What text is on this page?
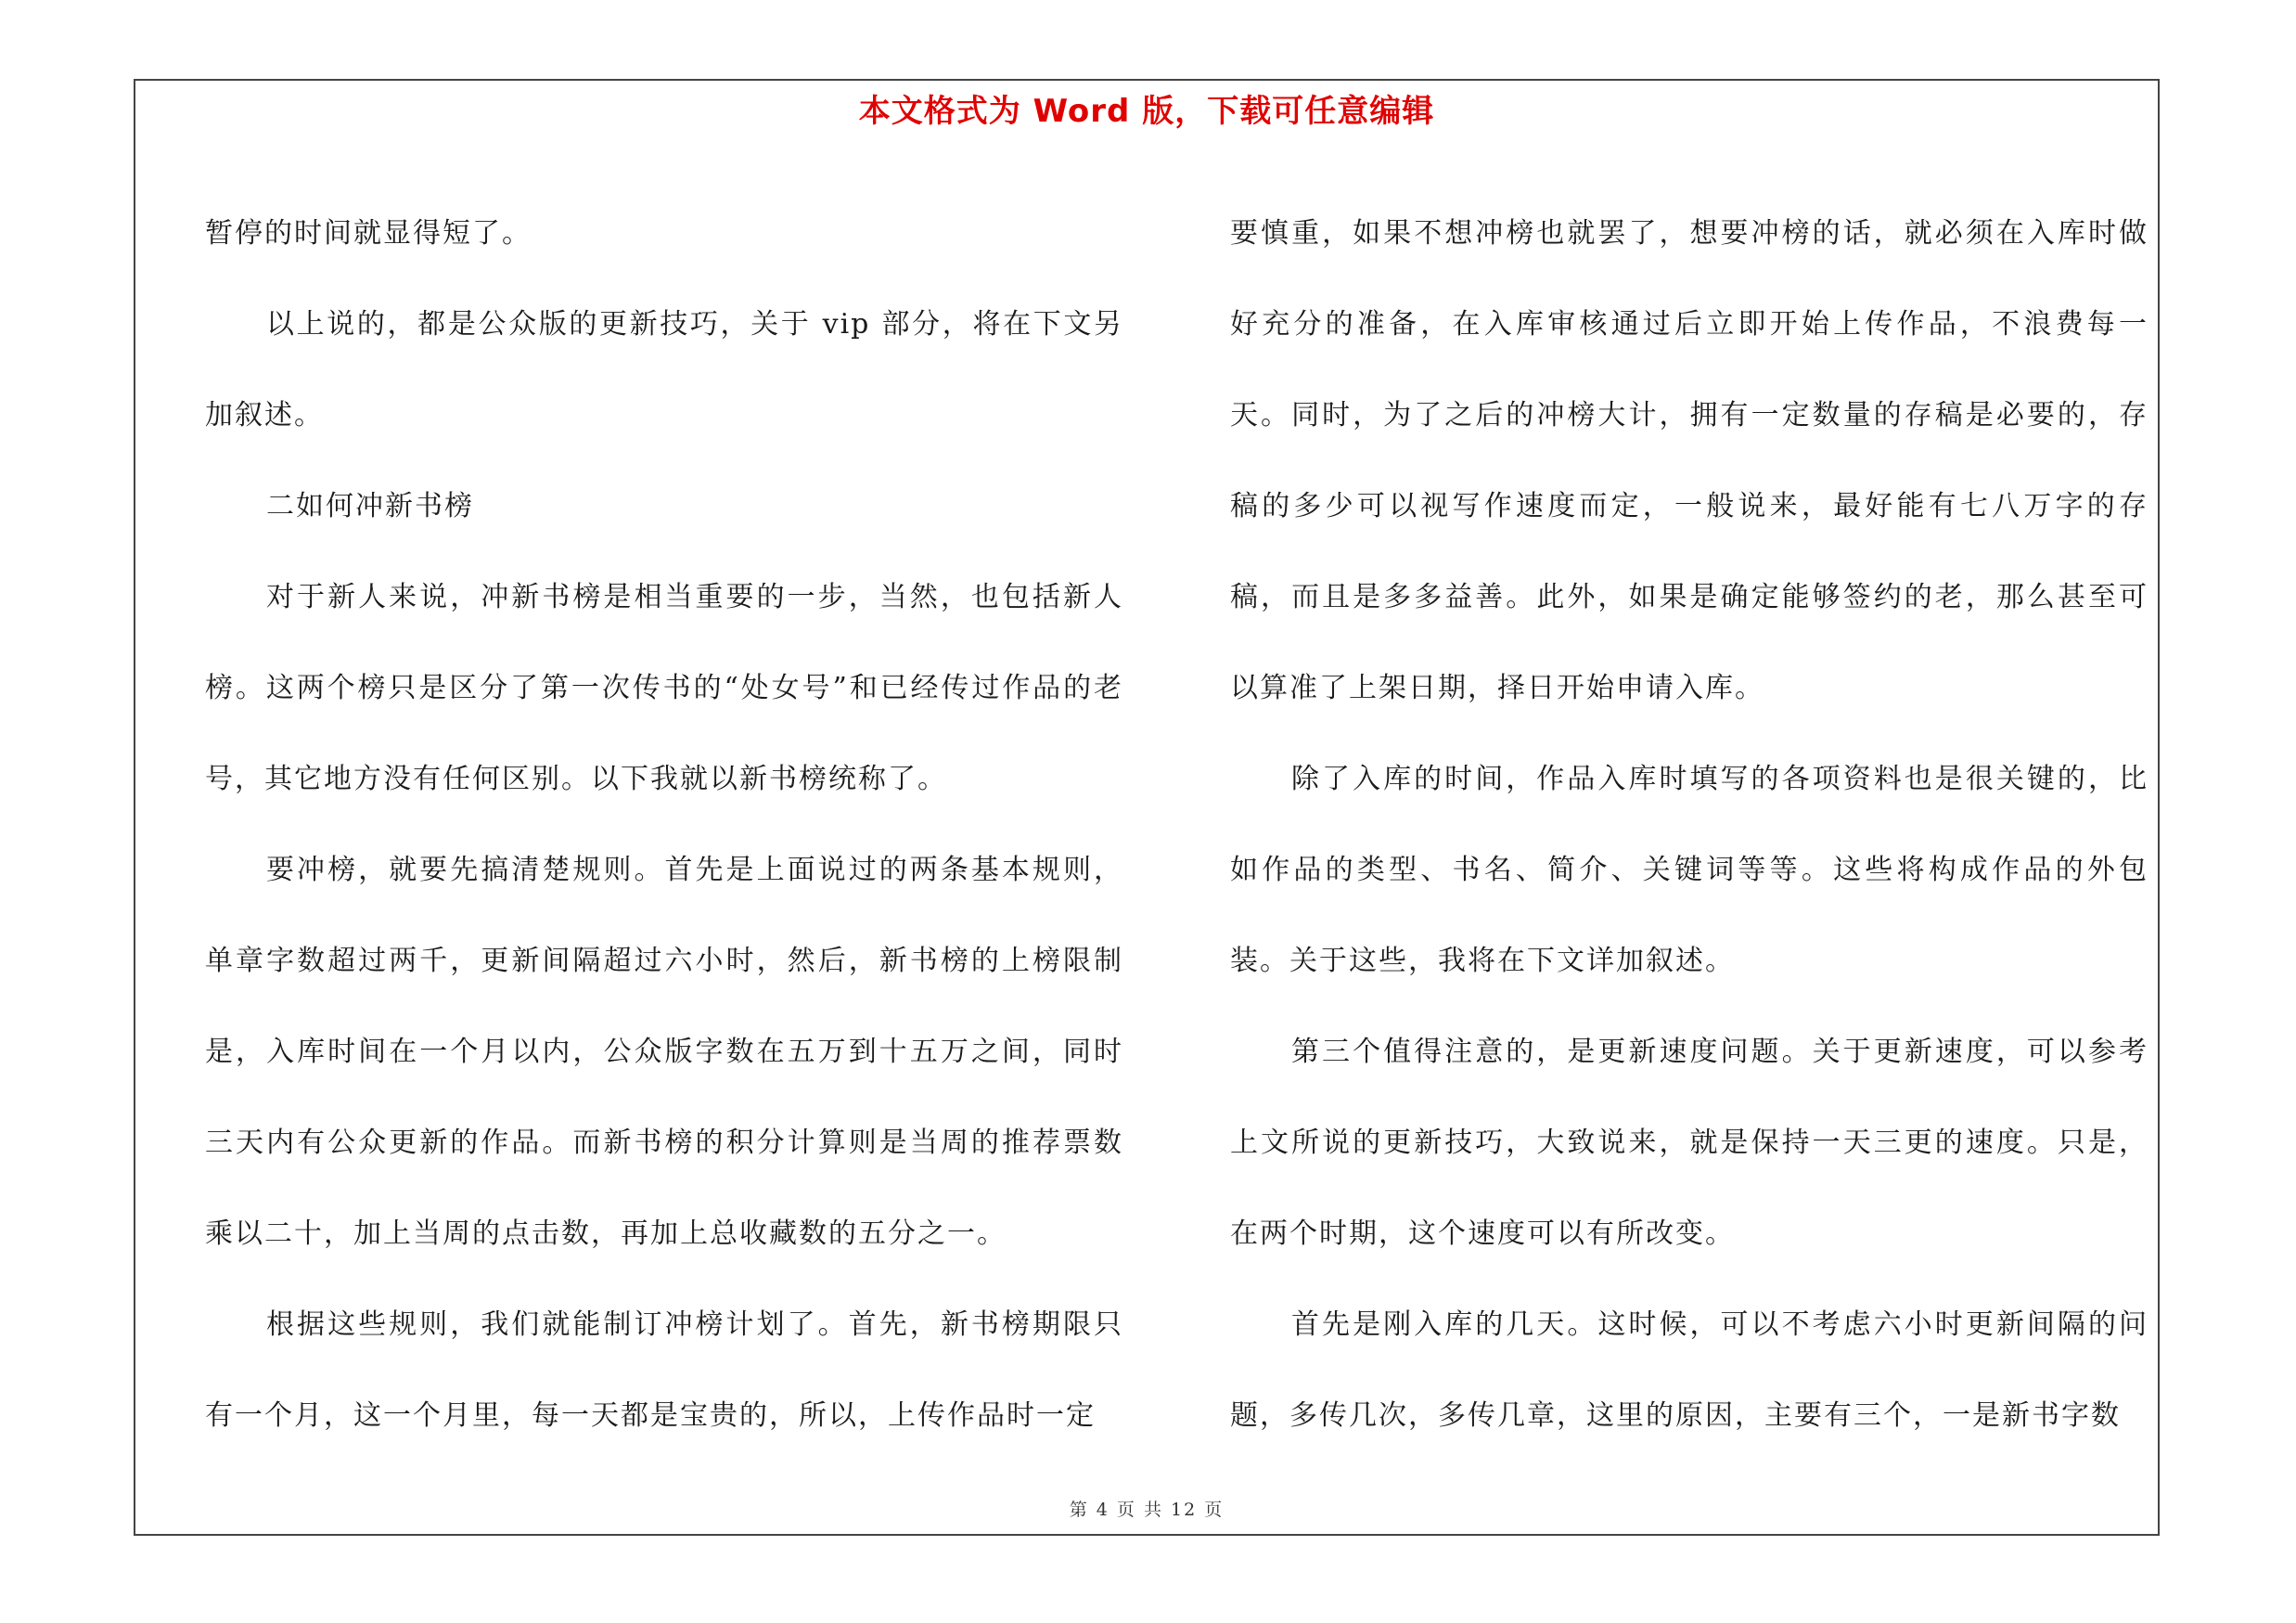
本文格式为 Word 版，下载可任意编辑

暂停的时间就显得短了。

以上说的，都是公众版的更新技巧，关于 vip 部分，将在下文另加叙述。

二如何冲新书榜

对于新人来说，冲新书榜是相当重要的一步，当然，也包括新人榜。这两个榜只是区分了第一次传书的“处女号”和已经传过作品的老号，其它地方没有任何区别。以下我就以新书榜统称了。

要冲榜，就要先搞清楚规则。首先是上面说过的两条基本规则，单章字数超过两千，更新间隔超过六小时，然后，新书榜的上榜限制是，入库时间在一个月以内，公众版字数在五万到十五万之间，同时三天内有公众更新的作品。而新书榜的积分计算则是当周的推荐票数乘以二十，加上当周的点击数，再加上总收藏数的五分之一。

根据这些规则，我们就能制订冲榜计划了。首先，新书榜期限只有一个月，这一个月里，每一天都是宝贵的，所以，上传作品时一定

要慎重，如果不想冲榜也就罢了，想要冲榜的话，就必须在入库时做好充分的准备，在入库审核通过后立即开始上传作品，不浪费每一天。同时，为了之后的冲榜大计，拥有一定数量的存稿是必要的，存稿的多少可以视写作速度而定，一般说来，最好能有七八万字的存稿，而且是多多益善。此外，如果是确定能够签约的老，那么甚至可以算准了上架日期，择日开始申请入库。

除了入库的时间，作品入库时填写的各项资料也是很关键的，比如作品的类型、书名、简介、关键词等等。这些将构成作品的外包装。关于这些，我将在下文详加叙述。

第三个值得注意的，是更新速度问题。关于更新速度，可以参考上文所说的更新技巧，大致说来，就是保持一天三更的速度。只是，在两个时期，这个速度可以有所改变。

首先是刚入库的几天。这时候，可以不考虑六小时更新间隔的问题，多传几次，多传几章，这里的原因，主要有三个，一是新书字数

第 4 页 共 12 页
